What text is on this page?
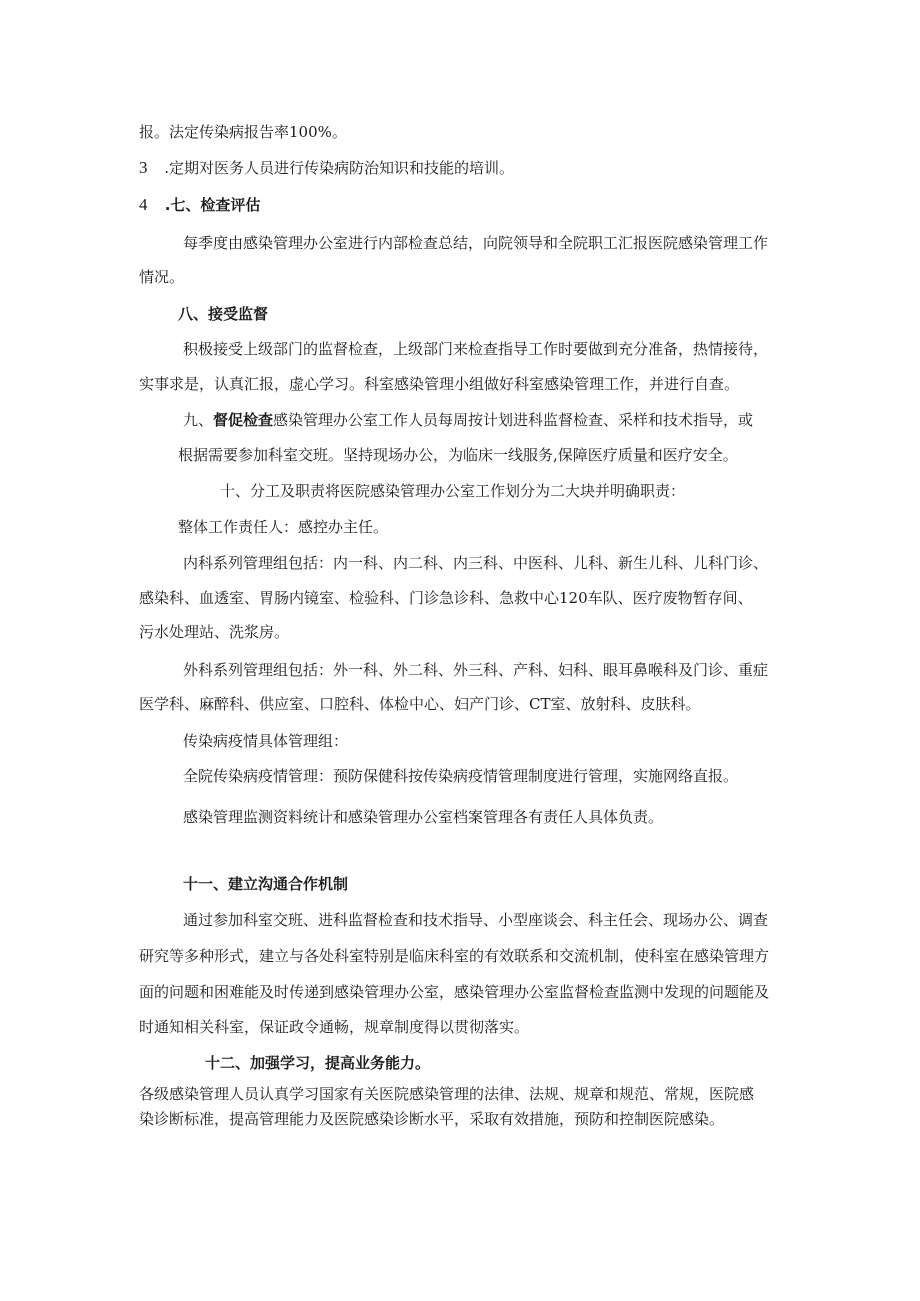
报。法定传染病报告率100%。
3 .定期对医务人员进行传染病防治知识和技能的培训。
4 .七、检查评估
每季度由感染管理办公室进行内部检查总结，向院领导和全院职工汇报医院感染管理工作
情况。
八、接受监督
积极接受上级部门的监督检查，上级部门来检查指导工作时要做到充分准备，热情接待，
实事求是，认真汇报，虚心学习。科室感染管理小组做好科室感染管理工作，并进行自查。
九、督促检查感染管理办公室工作人员每周按计划进科监督检查、采样和技术指导，或
根据需要参加科室交班。坚持现场办公，为临床一线服务,保障医疗质量和医疗安全。
十、分工及职责将医院感染管理办公室工作划分为二大块并明确职责：
整体工作责任人：感控办主任。
内科系列管理组包括：内一科、内二科、内三科、中医科、儿科、新生儿科、儿科门诊、
感染科、血透室、胃肠内镜室、检验科、门诊急诊科、急救中心120车队、医疗废物暂存间、
污水处理站、洗浆房。
外科系列管理组包括：外一科、外二科、外三科、产科、妇科、眼耳鼻喉科及门诊、重症
医学科、麻醉科、供应室、口腔科、体检中心、妇产门诊、CT室、放射科、皮肤科。
传染病疫情具体管理组：
全院传染病疫情管理：预防保健科按传染病疫情管理制度进行管理，实施网络直报。
感染管理监测资料统计和感染管理办公室档案管理各有责任人具体负责。
十一、建立沟通合作机制
通过参加科室交班、进科监督检查和技术指导、小型座谈会、科主任会、现场办公、调查
研究等多种形式，建立与各处科室特别是临床科室的有效联系和交流机制，使科室在感染管理方
面的问题和困难能及时传递到感染管理办公室，感染管理办公室监督检查监测中发现的问题能及
时通知相关科室，保证政令通畅，规章制度得以贯彻落实。
十二、加强学习，提高业务能力。
各级感染管理人员认真学习国家有关医院感染管理的法律、法规、规章和规范、常规，医院感
染诊断标准，提高管理能力及医院感染诊断水平，采取有效措施，预防和控制医院感染。
